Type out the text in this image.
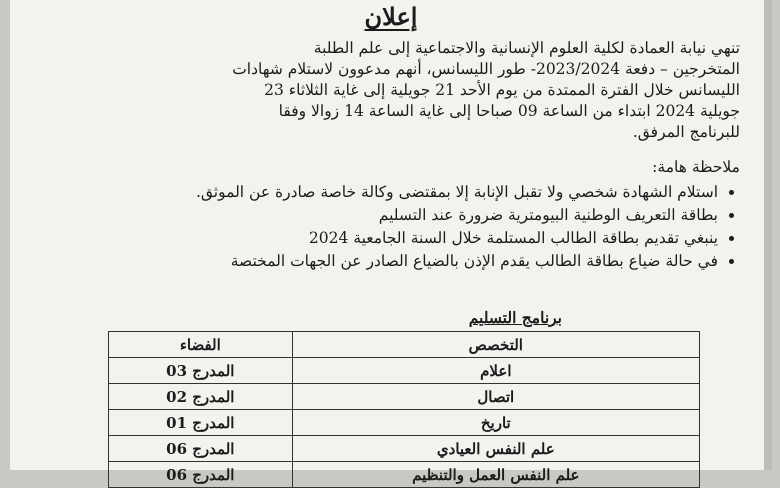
إعلان

تنهي نيابة العمادة لكلية العلوم الإنسانية والاجتماعية إلى علم الطلبة

المتخرجين – دفعة 2023/2024- طور الليسانس، أنهم مدعوون لاستلام شهادات

الليسانس خلال الفترة الممتدة من يوم الأحد 21 جويلية إلى غاية الثلاثاء 23

جويلية 2024 ابتداء من الساعة 09 صباحا إلى غاية الساعة 14 زوالا وفقا

للبرنامج المرفق.

ملاحظة هامة:
• استلام الشهادة شخصي ولا تقبل الإنابة إلا بمقتضى وكالة خاصة صادرة عن الموثق.
• بطاقة التعريف الوطنية البيومترية ضرورة عند التسليم
• ينبغي تقديم بطاقة الطالب المستلمة خلال السنة الجامعية 2024
• في حالة ضياع بطاقة الطالب يقدم الإذن بالضياع الصادر عن الجهات المختصة
برنامج التسليم
التخصص	الفضاء
اعلام	المدرج 03
اتصال	المدرج 02
تاريخ	المدرج 01
علم النفس العيادي	المدرج 06
علم النفس العمل والتنظيم	المدرج 06
